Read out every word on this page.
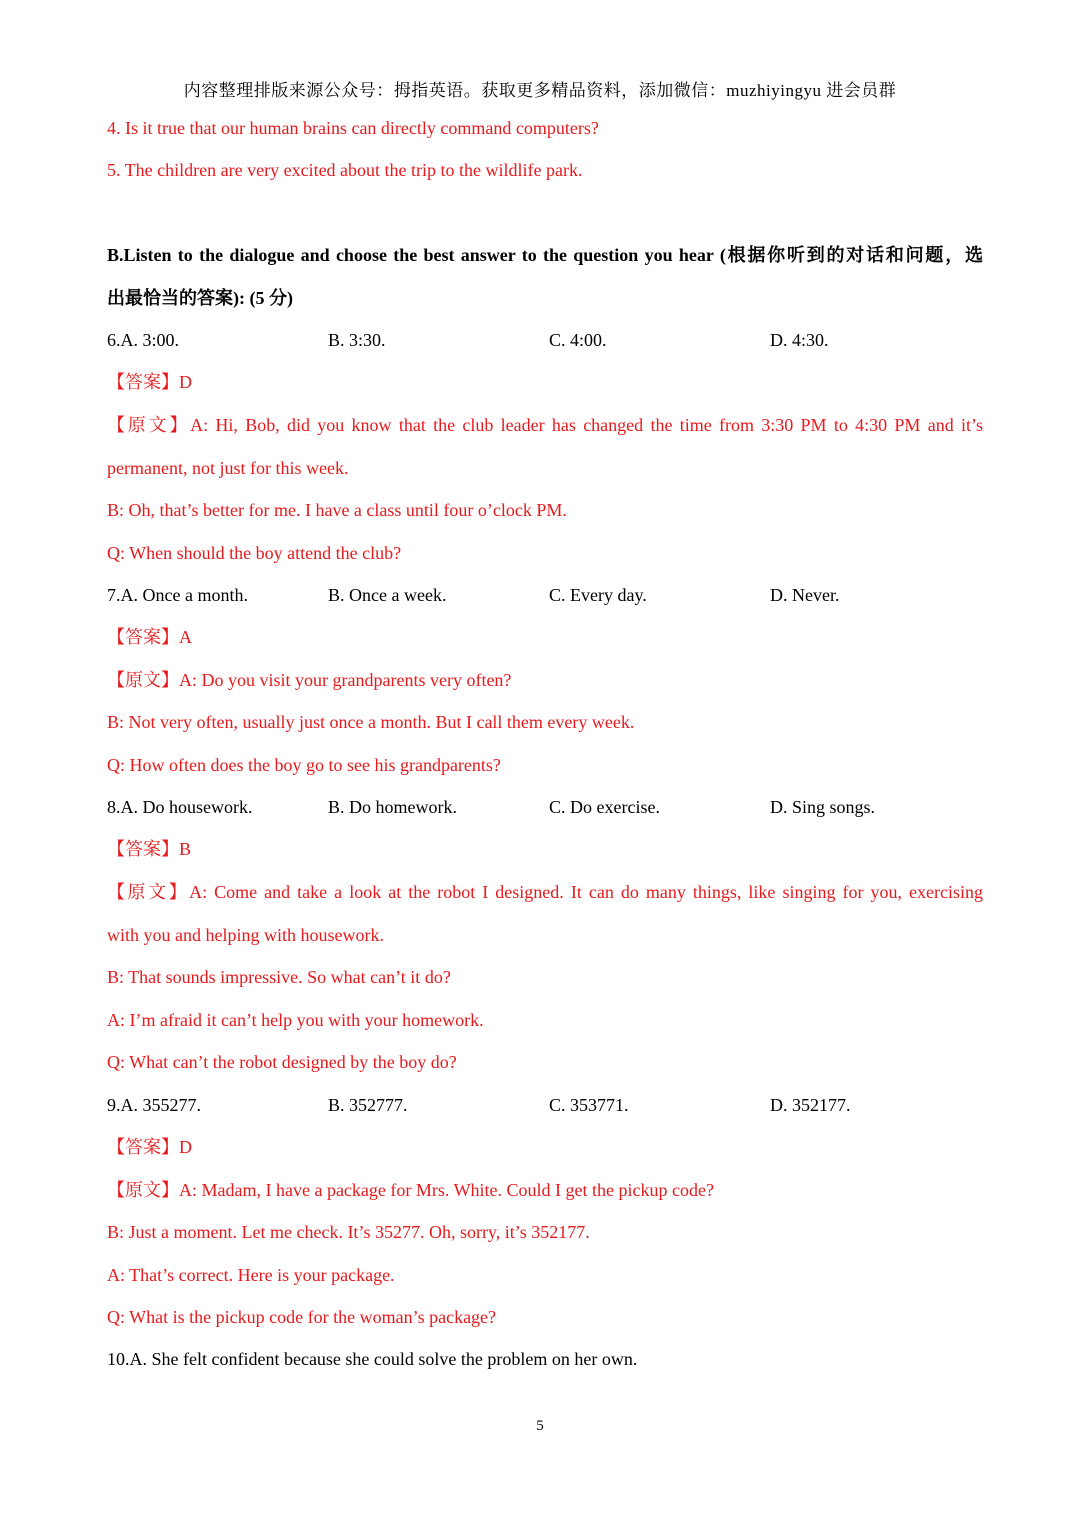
内容整理排版来源公众号：拇指英语。获取更多精品资料，添加微信：muzhiyingyu 进会员群
4. Is it true that our human brains can directly command computers?
5. The children are very excited about the trip to the wildlife park.
B.Listen to the dialogue and choose the best answer to the question you hear (根据你听到的对话和问题，选
出最恰当的答案): (5 分)
6.A. 3:00.	B. 3:30.	C. 4:00.	D. 4:30.
【答案】D
【原文】A: Hi, Bob, did you know that the club leader has changed the time from 3:30 PM to 4:30 PM and it’s
permanent, not just for this week.
B: Oh, that’s better for me. I have a class until four o’clock PM.
Q: When should the boy attend the club?
7.A. Once a month.	B. Once a week.	C. Every day.	D. Never.
【答案】A
【原文】A: Do you visit your grandparents very often?
B: Not very often, usually just once a month. But I call them every week.
Q: How often does the boy go to see his grandparents?
8.A. Do housework.	B. Do homework.	C. Do exercise.	D. Sing songs.
【答案】B
【原文】A: Come and take a look at the robot I designed. It can do many things, like singing for you, exercising
with you and helping with housework.
B: That sounds impressive. So what can’t it do?
A: I’m afraid it can’t help you with your homework.
Q: What can’t the robot designed by the boy do?
9.A. 355277.	B. 352777.	C. 353771.	D. 352177.
【答案】D
【原文】A: Madam, I have a package for Mrs. White. Could I get the pickup code?
B: Just a moment. Let me check. It’s 35277. Oh, sorry, it’s 352177.
A: That’s correct. Here is your package.
Q: What is the pickup code for the woman’s package?
10.A. She felt confident because she could solve the problem on her own.
5
